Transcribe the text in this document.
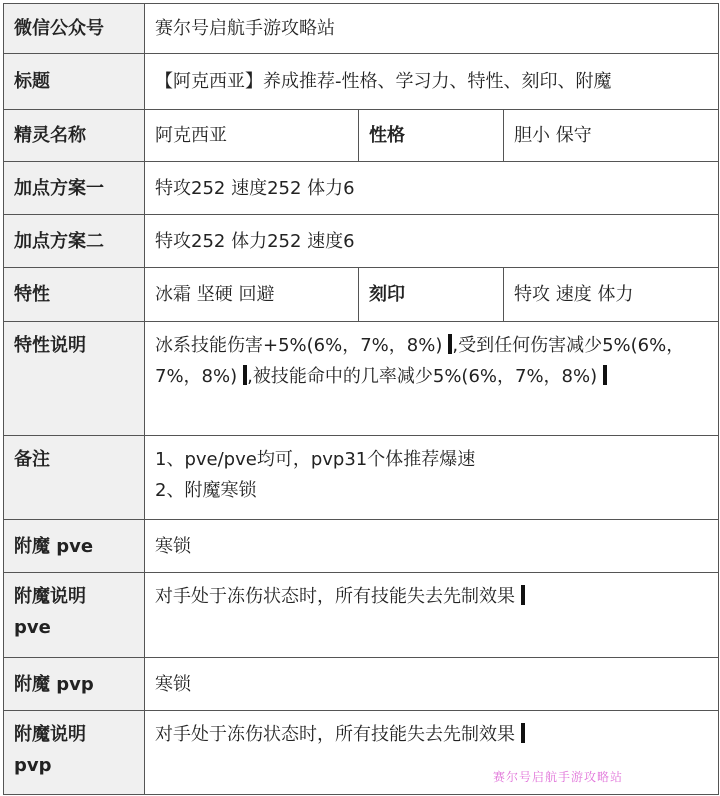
微信公众号	赛尔号启航手游攻略站		
标题	【阿克西亚】养成推荐-性格、学习力、特性、刻印、附魔		
精灵名称	阿克西亚	性格	胆小 保守
加点方案一	特攻252 速度252 体力6		
加点方案二	特攻252 体力252 速度6		
特性	冰霜 坚硬 回避	刻印	特攻 速度 体力
特性说明	冰系技能伤害+5%(6%，7%，8%) ,受到任何伤害减少5%(6%，7%，8%) ,被技能命中的几率减少5%(6%，7%，8%)		
备注	1、pve/pve均可，pvp31个体推荐爆速
2、附魔寒锁		

附魔 pve	寒锁		

附魔说明
pve	对手处于冻伤状态时，所有技能失去先制效果		
附魔 pvp	寒锁		

附魔说明
pvp	对手处于冻伤状态时，所有技能失去先制效果		
赛尔号启航手游攻略站
